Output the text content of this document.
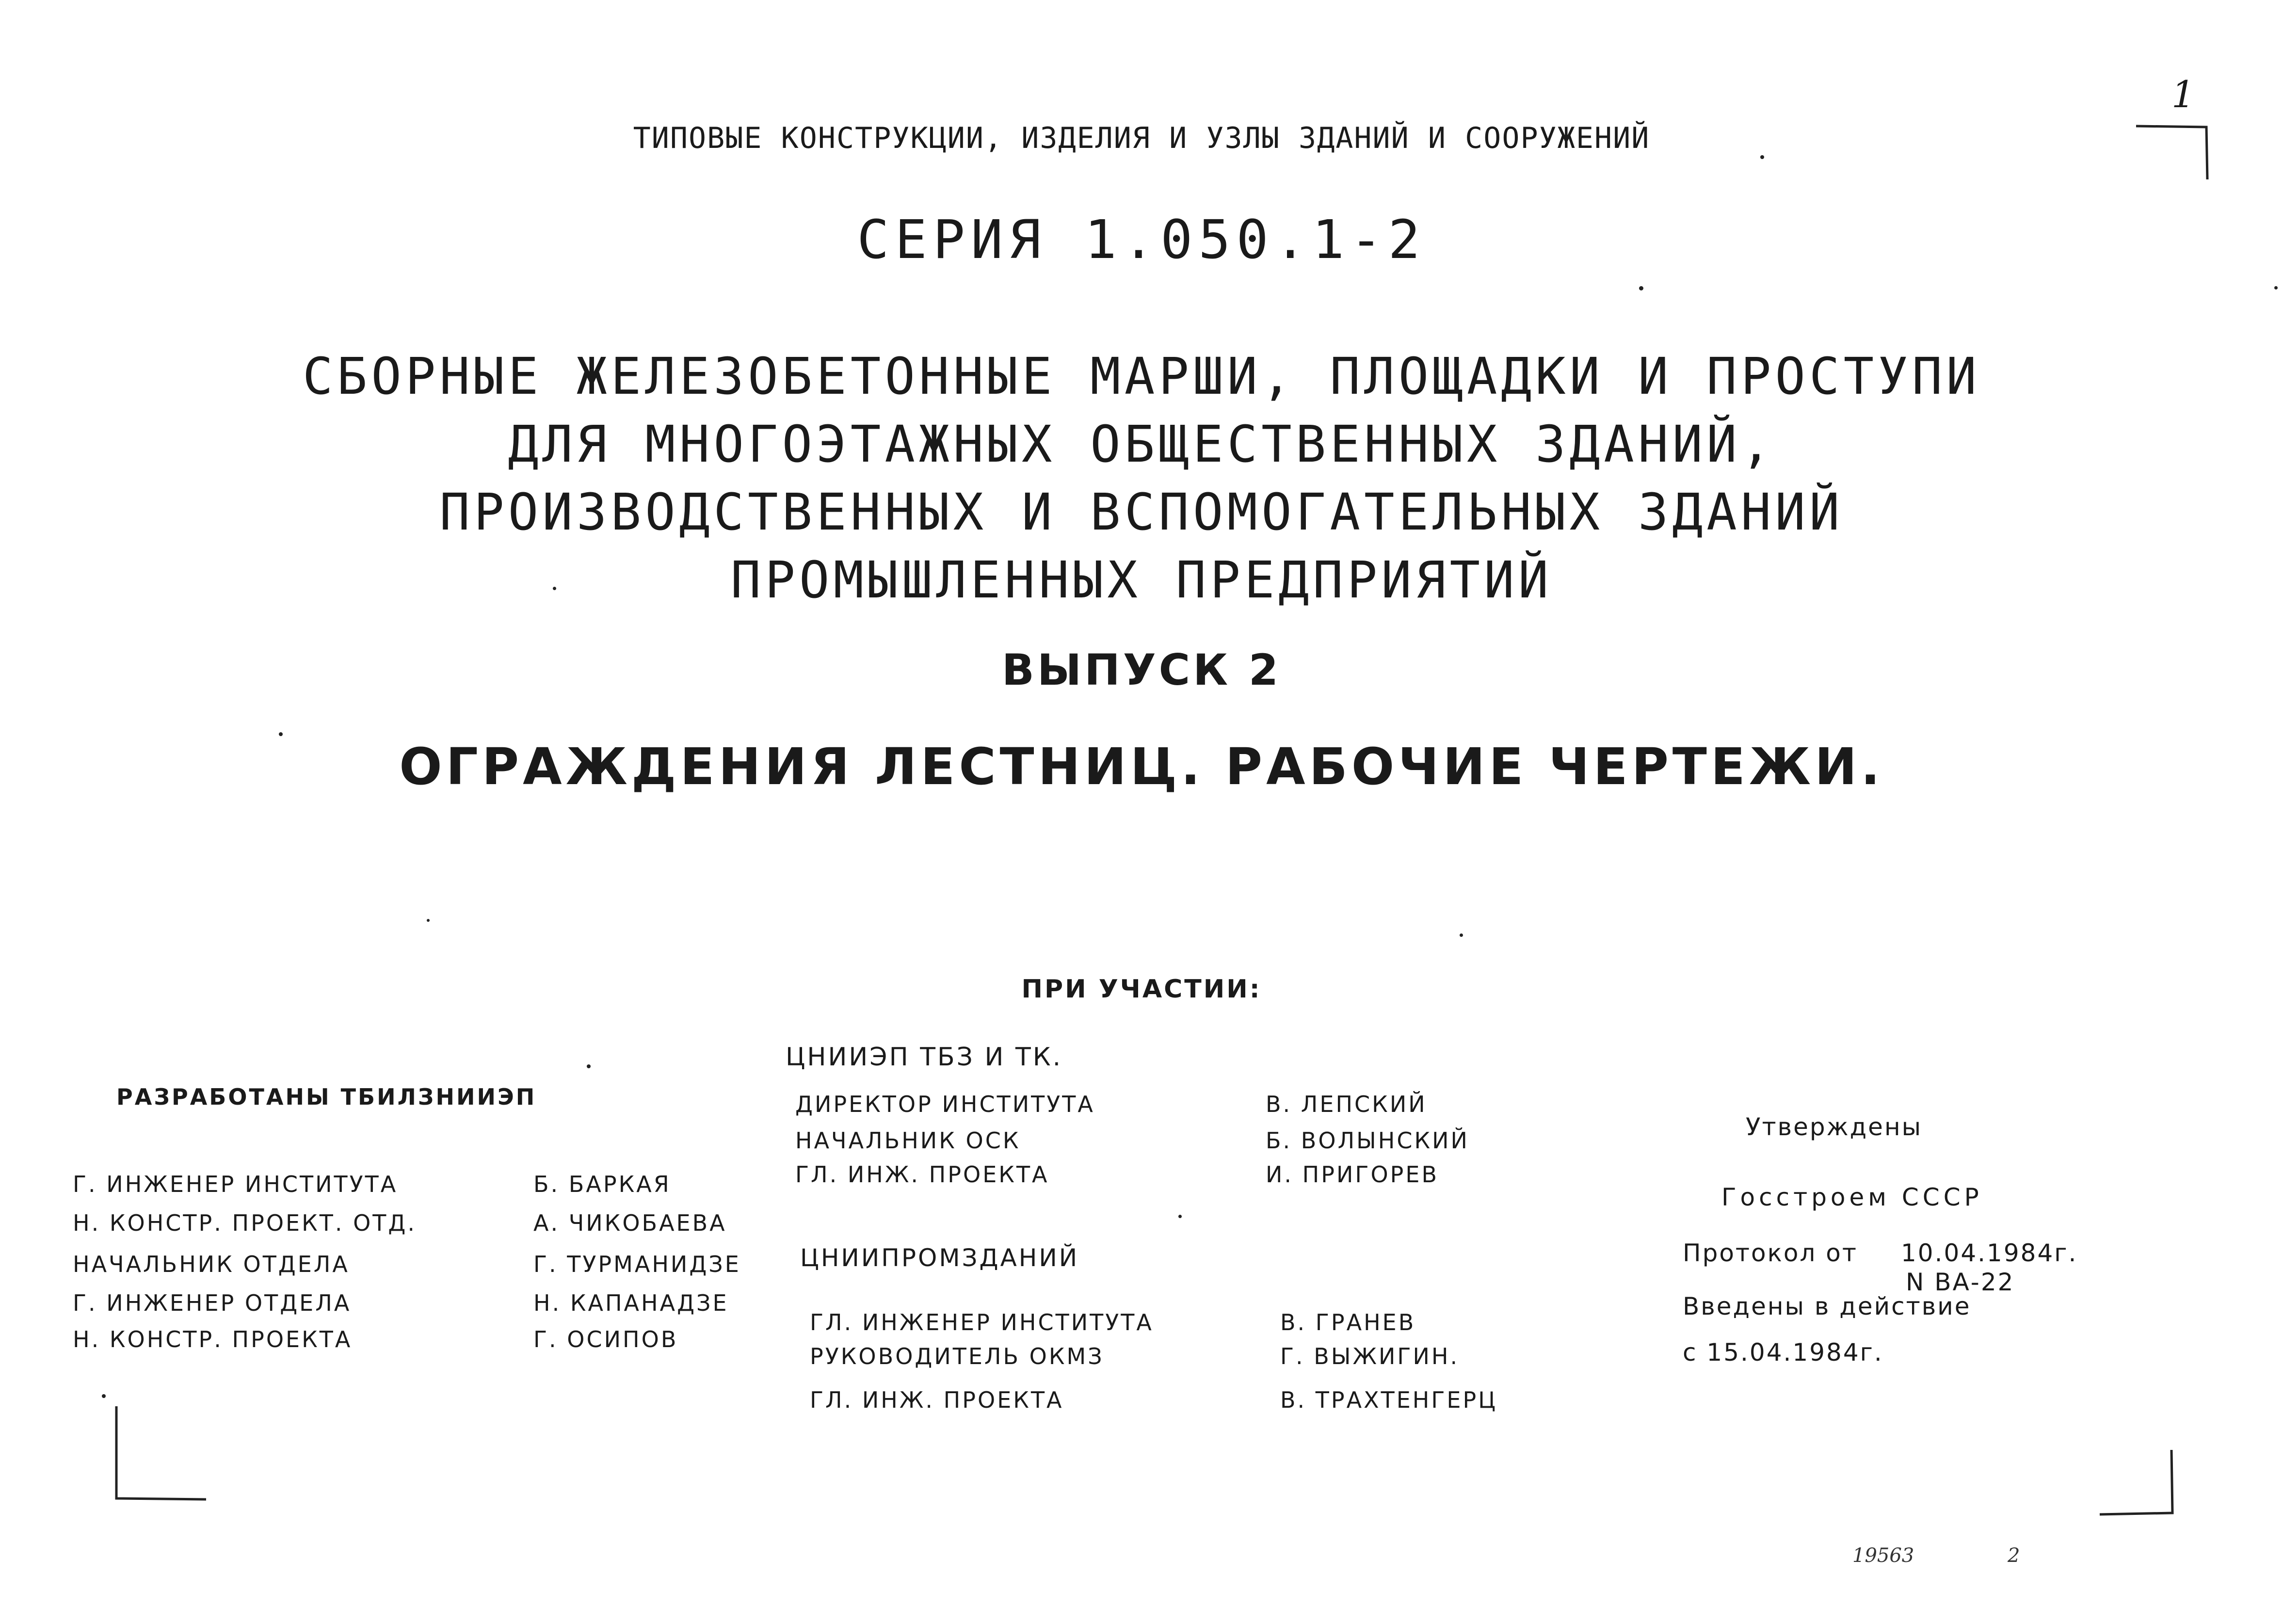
1
ТИПОВЫЕ КОНСТРУКЦИИ, ИЗДЕЛИЯ И УЗЛЫ ЗДАНИЙ И СООРУЖЕНИЙ
СЕРИЯ 1.050.1-2
СБОРНЫЕ ЖЕЛЕЗОБЕТОННЫЕ МАРШИ, ПЛОЩАДКИ И ПРОСТУПИ
ДЛЯ МНОГОЭТАЖНЫХ ОБЩЕСТВЕННЫХ ЗДАНИЙ,
ПРОИЗВОДСТВЕННЫХ И ВСПОМОГАТЕЛЬНЫХ ЗДАНИЙ
ПРОМЫШЛЕННЫХ ПРЕДПРИЯТИЙ
ВЫПУСК 2
ОГРАЖДЕНИЯ ЛЕСТНИЦ. РАБОЧИЕ ЧЕРТЕЖИ.
ПРИ УЧАСТИИ:
РАЗРАБОТАНЫ ТБИЛЗНИИЭП
Г. ИНЖЕНЕР ИНСТИТУТА	Б. БАРКАЯ
Н. КОНСТР. ПРОЕКТ. ОТД.	А. ЧИКОБАЕВА
НАЧАЛЬНИК ОТДЕЛА	Г. ТУРМАНИДЗЕ
Г. ИНЖЕНЕР ОТДЕЛА	Н. КАПАНАДЗЕ
Н. КОНСТР. ПРОЕКТА	Г. ОСИПОВ
ЦНИИЭП ТБЗ И ТК.
ДИРЕКТОР ИНСТИТУТА	В. ЛЕПСКИЙ
НАЧАЛЬНИК ОСК	Б. ВОЛЫНСКИЙ
ГЛ. ИНЖ. ПРОЕКТА	И. ПРИГОРЕВ
ЦНИИПРОМЗДАНИЙ
ГЛ. ИНЖЕНЕР ИНСТИТУТА	В. ГРАНЕВ
РУКОВОДИТЕЛЬ ОКМЗ	Г. ВЫЖИГИН.
ГЛ. ИНЖ. ПРОЕКТА	В. ТРАХТЕНГЕРЦ
Утверждены
Госстроем СССР
Протокол от 10.04.1984г.
N ВА-22
Введены в действие
с 15.04.1984г.
19563	2
